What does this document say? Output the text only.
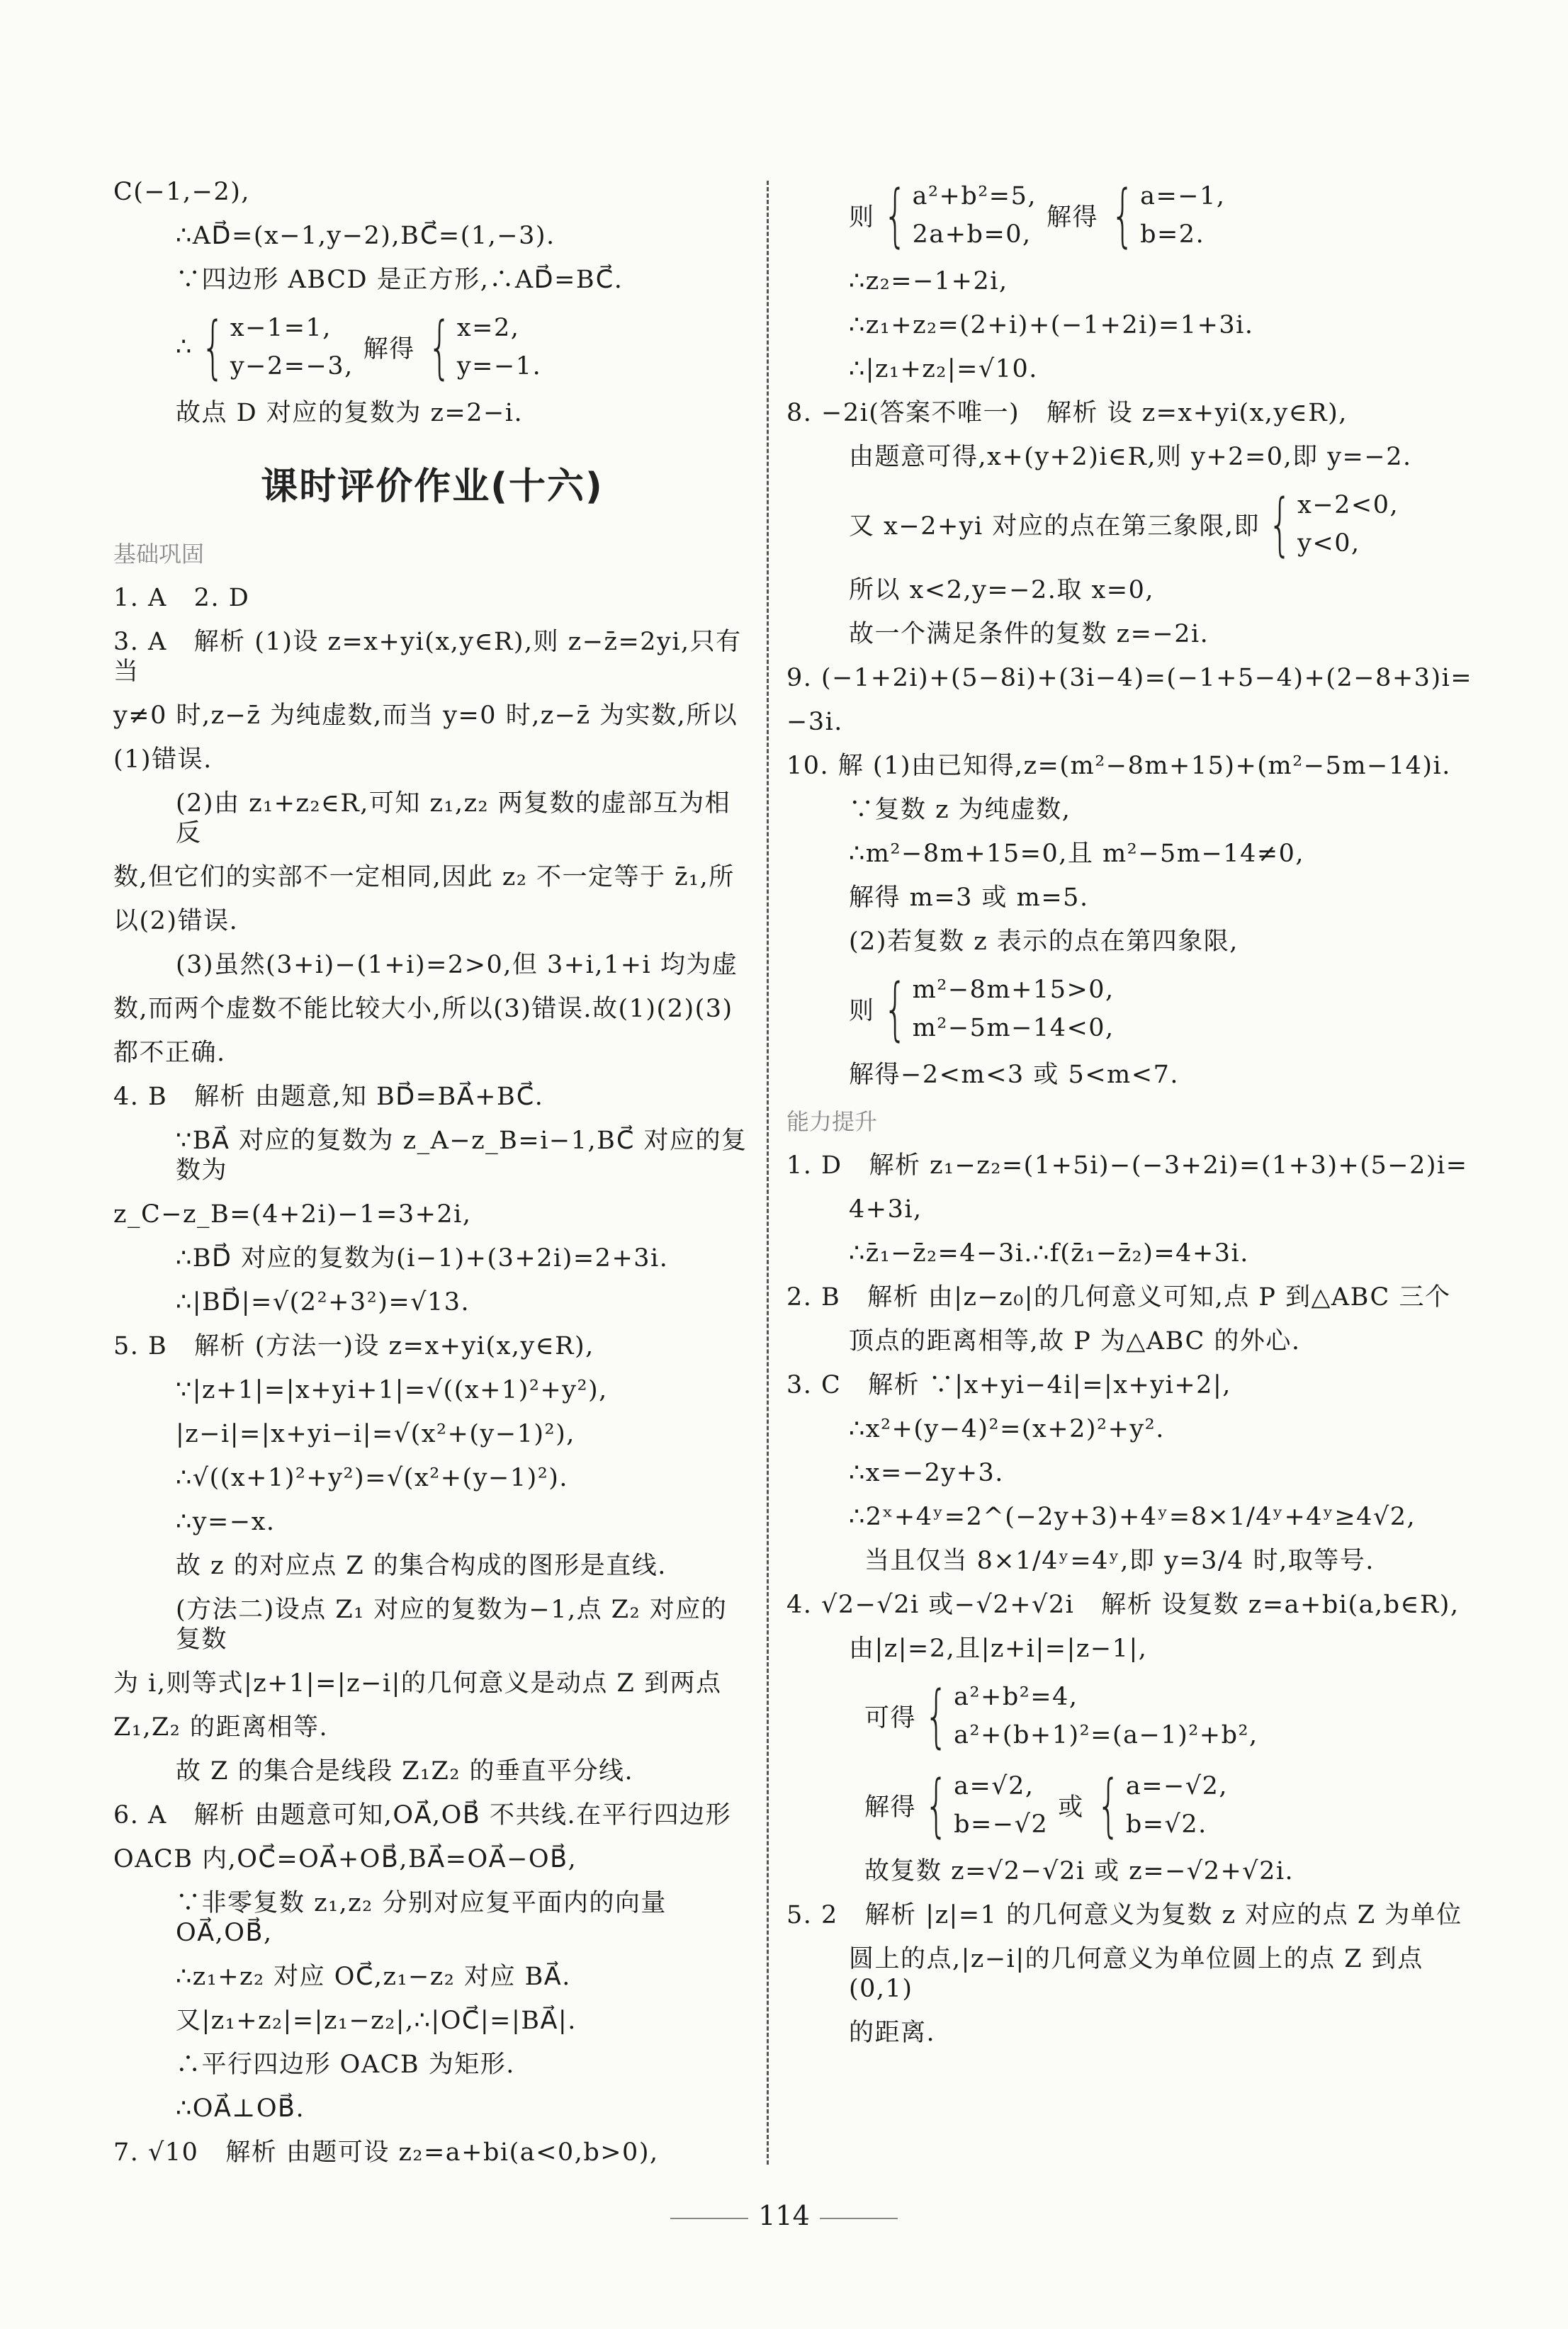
C(−1,−2),
∴AD⃗=(x−1,y−2),BC⃗=(1,−3).
∵四边形 ABCD 是正方形,∴AD⃗=BC⃗.
∴ { x−1=1,
y−2=−3,
解得 { x=2,
y=−1.
故点 D 对应的复数为 z=2−i.
课时评价作业(十六)
基础巩固
1. A   2. D
3. A   解析 (1)设 z=x+yi(x,y∈R),则 z−z̄=2yi,只有当
y≠0 时,z−z̄ 为纯虚数,而当 y=0 时,z−z̄ 为实数,所以
(1)错误.
(2)由 z₁+z₂∈R,可知 z₁,z₂ 两复数的虚部互为相反
数,但它们的实部不一定相同,因此 z₂ 不一定等于 z̄₁,所
以(2)错误.
(3)虽然(3+i)−(1+i)=2>0,但 3+i,1+i 均为虚
数,而两个虚数不能比较大小,所以(3)错误.故(1)(2)(3)
都不正确.
4. B   解析 由题意,知 BD⃗=BA⃗+BC⃗.
∵BA⃗ 对应的复数为 z_A−z_B=i−1,BC⃗ 对应的复数为
z_C−z_B=(4+2i)−1=3+2i,
∴BD⃗ 对应的复数为(i−1)+(3+2i)=2+3i.
∴|BD⃗|=√(2²+3²)=√13.
5. B   解析 (方法一)设 z=x+yi(x,y∈R),
∵|z+1|=|x+yi+1|=√((x+1)²+y²),
|z−i|=|x+yi−i|=√(x²+(y−1)²),
∴√((x+1)²+y²)=√(x²+(y−1)²).
∴y=−x.
故 z 的对应点 Z 的集合构成的图形是直线.
(方法二)设点 Z₁ 对应的复数为−1,点 Z₂ 对应的复数
为 i,则等式|z+1|=|z−i|的几何意义是动点 Z 到两点
Z₁,Z₂ 的距离相等.
故 Z 的集合是线段 Z₁Z₂ 的垂直平分线.
6. A   解析 由题意可知,OA⃗,OB⃗ 不共线.在平行四边形
OACB 内,OC⃗=OA⃗+OB⃗,BA⃗=OA⃗−OB⃗,
∵非零复数 z₁,z₂ 分别对应复平面内的向量 OA⃗,OB⃗,
∴z₁+z₂ 对应 OC⃗,z₁−z₂ 对应 BA⃗.
又|z₁+z₂|=|z₁−z₂|,∴|OC⃗|=|BA⃗|.
∴平行四边形 OACB 为矩形.
∴OA⃗⊥OB⃗.
7. √10   解析 由题可设 z₂=a+bi(a<0,b>0),
则 { a²+b²=5,
2a+b=0,
解得 { a=−1,
b=2.
∴z₂=−1+2i,
∴z₁+z₂=(2+i)+(−1+2i)=1+3i.
∴|z₁+z₂|=√10.
8. −2i(答案不唯一)   解析 设 z=x+yi(x,y∈R),
由题意可得,x+(y+2)i∈R,则 y+2=0,即 y=−2.
又 x−2+yi 对应的点在第三象限,即 { x−2<0,
y<0,
所以 x<2,y=−2.取 x=0,
故一个满足条件的复数 z=−2i.
9. (−1+2i)+(5−8i)+(3i−4)=(−1+5−4)+(2−8+3)i=
−3i.
10. 解 (1)由已知得,z=(m²−8m+15)+(m²−5m−14)i.
∵复数 z 为纯虚数,
∴m²−8m+15=0,且 m²−5m−14≠0,
解得 m=3 或 m=5.
(2)若复数 z 表示的点在第四象限,
则 { m²−8m+15>0,
m²−5m−14<0,
解得−2<m<3 或 5<m<7.
能力提升
1. D   解析 z₁−z₂=(1+5i)−(−3+2i)=(1+3)+(5−2)i=
4+3i,
∴z̄₁−z̄₂=4−3i.∴f(z̄₁−z̄₂)=4+3i.
2. B   解析 由|z−z₀|的几何意义可知,点 P 到△ABC 三个
顶点的距离相等,故 P 为△ABC 的外心.
3. C   解析 ∵|x+yi−4i|=|x+yi+2|,
∴x²+(y−4)²=(x+2)²+y².
∴x=−2y+3.
∴2ˣ+4ʸ=2^(−2y+3)+4ʸ=8×1/4ʸ+4ʸ≥4√2,
当且仅当 8×1/4ʸ=4ʸ,即 y=3/4 时,取等号.
4. √2−√2i 或−√2+√2i   解析 设复数 z=a+bi(a,b∈R),
由|z|=2,且|z+i|=|z−1|,
可得 { a²+b²=4,
a²+(b+1)²=(a−1)²+b²,
解得 { a=√2,
b=−√2
或 { a=−√2,
b=√2.
故复数 z=√2−√2i 或 z=−√2+√2i.
5. 2   解析 |z|=1 的几何意义为复数 z 对应的点 Z 为单位
圆上的点,|z−i|的几何意义为单位圆上的点 Z 到点(0,1)
的距离.
114
